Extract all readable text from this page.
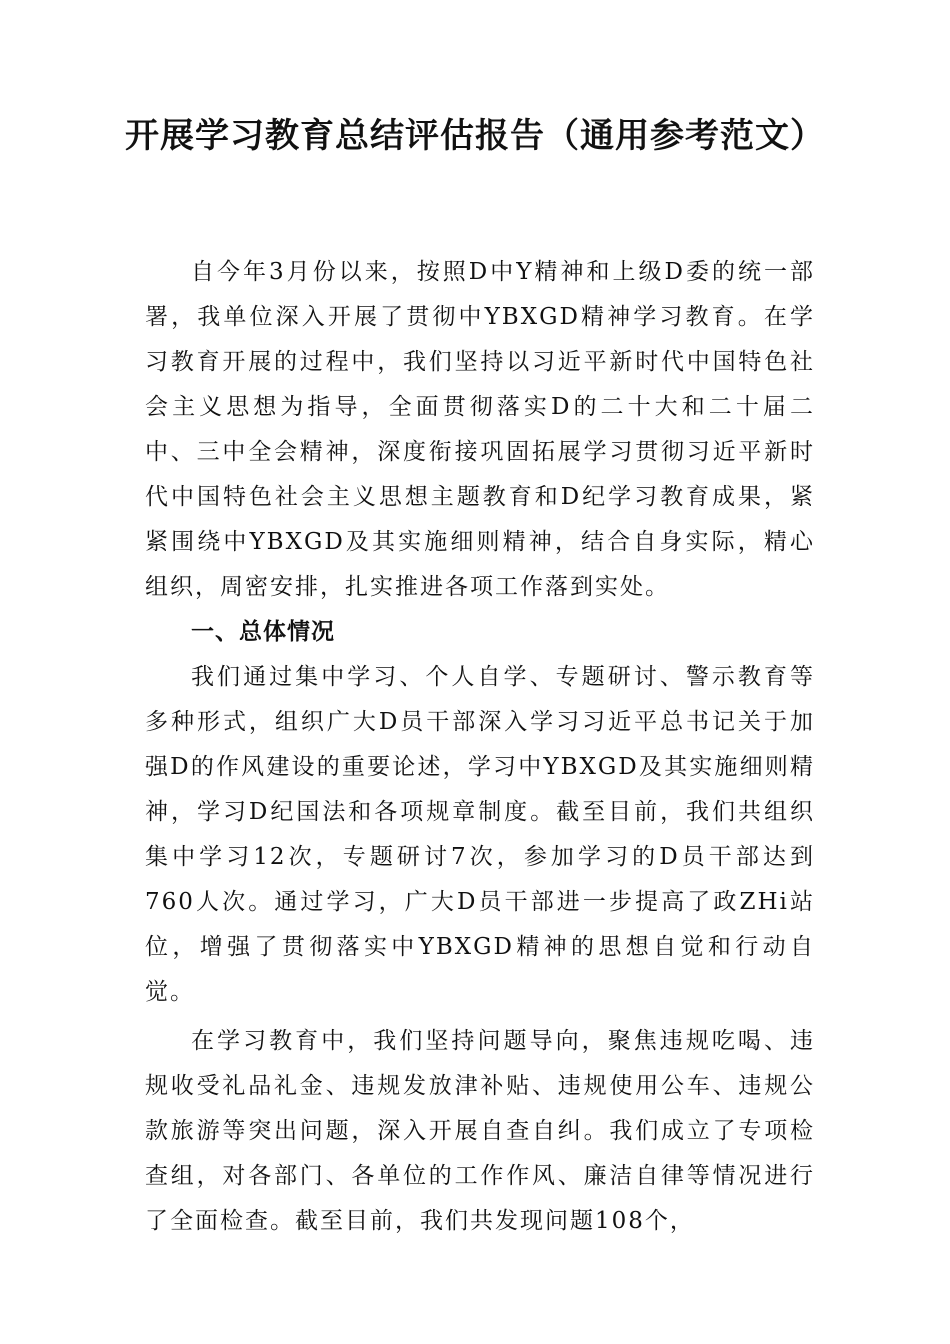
开展学习教育总结评估报告（通用参考范文）

自今年3月份以来，按照D中Y精神和上级D委的统一部署，我单位深入开展了贯彻中YBXGD精神学习教育。在学习教育开展的过程中，我们坚持以习近平新时代中国特色社会主义思想为指导，全面贯彻落实D的二十大和二十届二中、三中全会精神，深度衔接巩固拓展学习贯彻习近平新时代中国特色社会主义思想主题教育和D纪学习教育成果，紧紧围绕中YBXGD及其实施细则精神，结合自身实际，精心组织，周密安排，扎实推进各项工作落到实处。

一、总体情况

我们通过集中学习、个人自学、专题研讨、警示教育等多种形式，组织广大D员干部深入学习习近平总书记关于加强D的作风建设的重要论述，学习中YBXGD及其实施细则精神，学习D纪国法和各项规章制度。截至目前，我们共组织集中学习12次，专题研讨7次，参加学习的D员干部达到760人次。通过学习，广大D员干部进一步提高了政ZHi站位，增强了贯彻落实中YBXGD精神的思想自觉和行动自觉。

在学习教育中，我们坚持问题导向，聚焦违规吃喝、违规收受礼品礼金、违规发放津补贴、违规使用公车、违规公款旅游等突出问题，深入开展自查自纠。我们成立了专项检查组，对各部门、各单位的工作作风、廉洁自律等情况进行了全面检查。截至目前，我们共发现问题108个，
